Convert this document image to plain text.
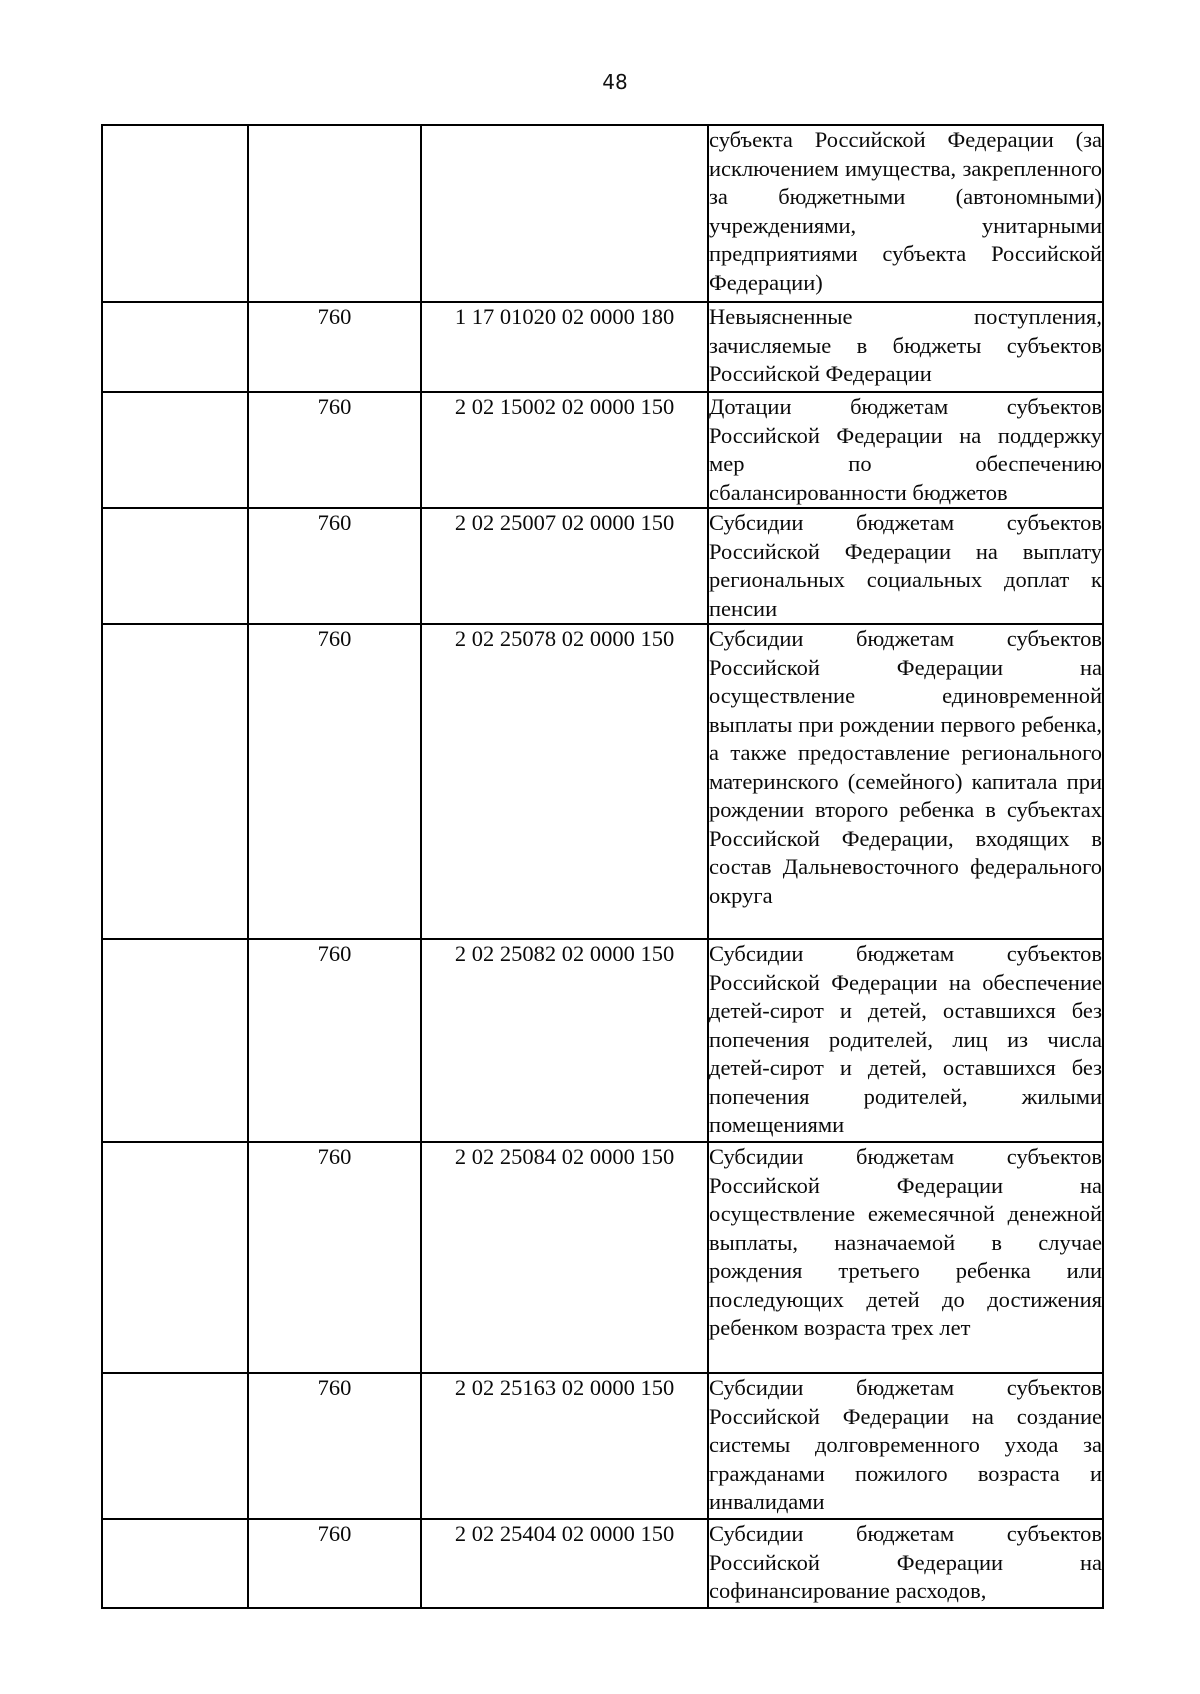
48
			субъекта Российской Федерации (за исключением имущества, закрепленного за бюджетными (автономными) учреждениями, унитарными предприятиями субъекта Российской Федерации)
	760	1 17 01020 02 0000 180	Невыясненные поступления, зачисляемые в бюджеты субъектов Российской Федерации
	760	2 02 15002 02 0000 150	Дотации бюджетам субъектов Российской Федерации на поддержку мер по обеспечению сбалансированности бюджетов
	760	2 02 25007 02 0000 150	Субсидии бюджетам субъектов Российской Федерации на выплату региональных социальных доплат к пенсии
	760	2 02 25078 02 0000 150	Субсидии бюджетам субъектов Российской Федерации на осуществление единовременной выплаты при рождении первого ребенка, а также предоставление регионального материнского (семейного) капитала при рождении второго ребенка в субъектах Российской Федерации, входящих в состав Дальневосточного федерального округа
	760	2 02 25082 02 0000 150	Субсидии бюджетам субъектов Российской Федерации на обеспечение детей-сирот и детей, оставшихся без попечения родителей, лиц из числа детей-сирот и детей, оставшихся без попечения родителей, жилыми помещениями
	760	2 02 25084 02 0000 150	Субсидии бюджетам субъектов Российской Федерации на осуществление ежемесячной денежной выплаты, назначаемой в случае рождения третьего ребенка или последующих детей до достижения ребенком возраста трех лет
	760	2 02 25163 02 0000 150	Субсидии бюджетам субъектов Российской Федерации на создание системы долговременного ухода за гражданами пожилого возраста и инвалидами
	760	2 02 25404 02 0000 150	Субсидии бюджетам субъектов Российской Федерации на софинансирование расходов,
